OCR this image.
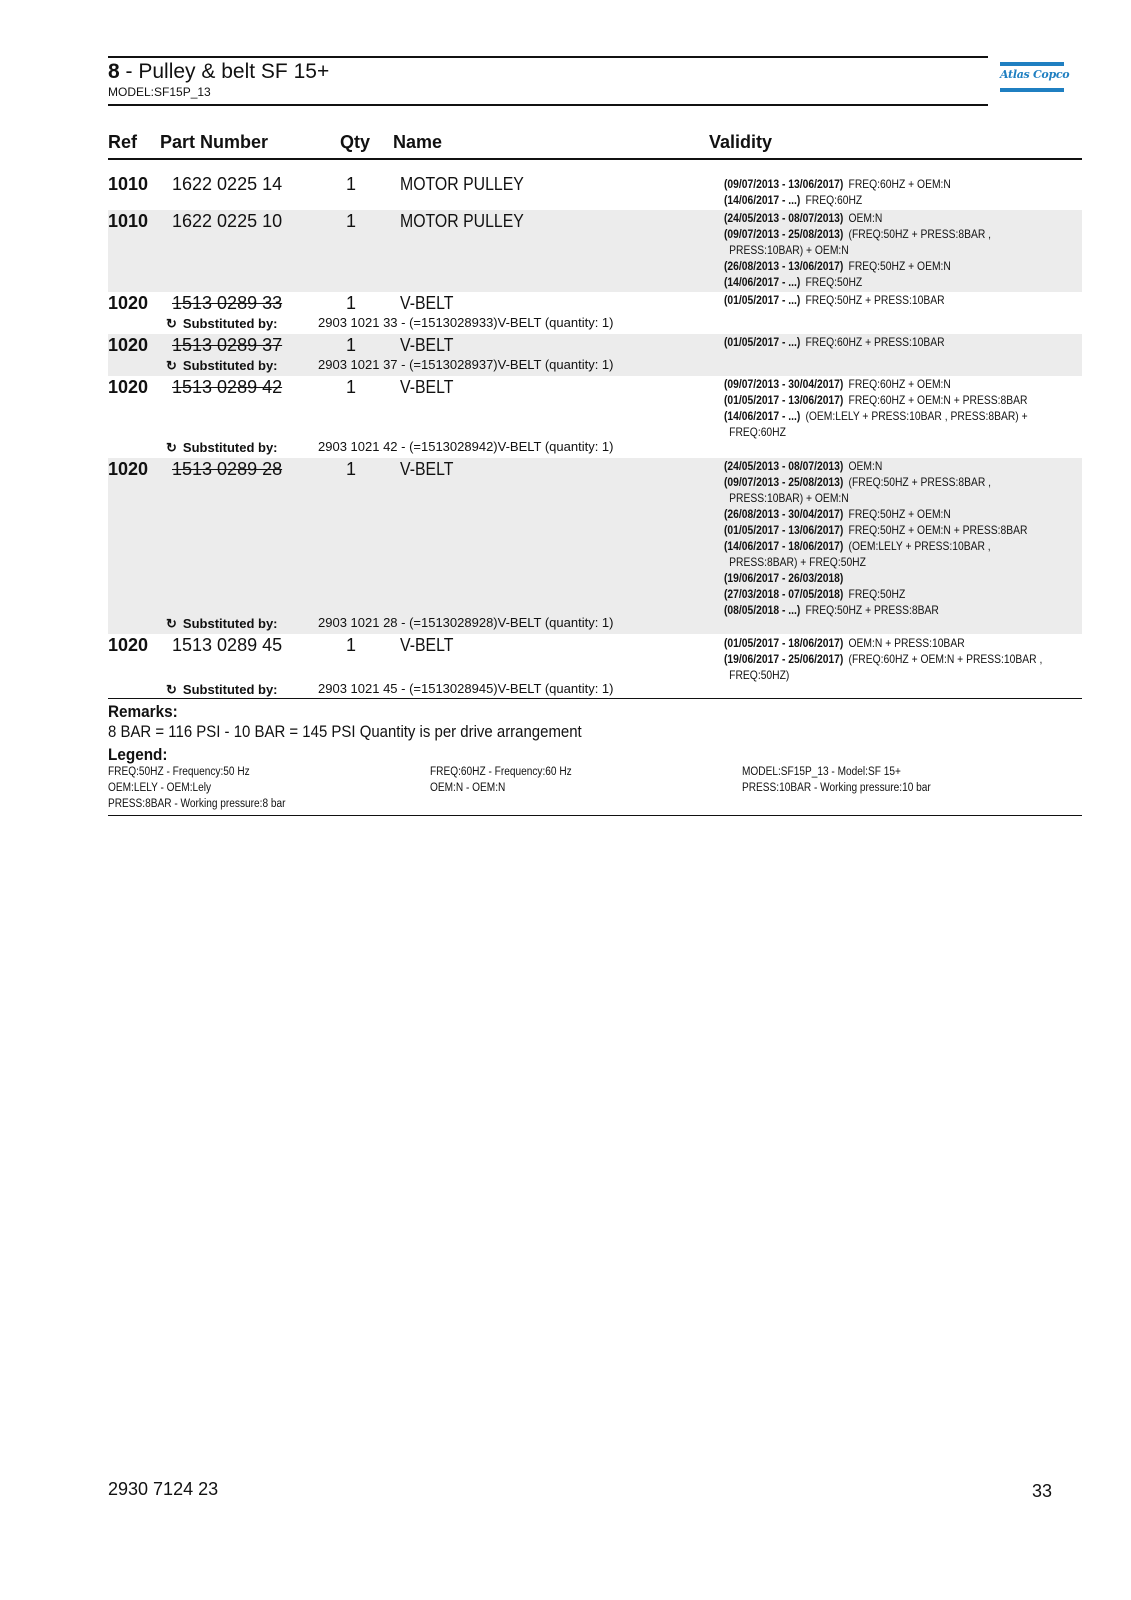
8 - Pulley & belt SF 15+
MODEL:SF15P_13
Atlas Copco
Ref Part Number	Qty Name	Validity
1010 1622 0225 14	1 MOTOR PULLEY	(09/07/2013 - 13/06/2017) FREQ:60HZ + OEM:N
(14/06/2017 - ...) FREQ:60HZ
1010 1622 0225 10	1 MOTOR PULLEY	(24/05/2013 - 08/07/2013) OEM:N
(09/07/2013 - 25/08/2013) (FREQ:50HZ + PRESS:8BAR ,
PRESS:10BAR) + OEM:N
(26/08/2013 - 13/06/2017) FREQ:50HZ + OEM:N
(14/06/2017 - ...) FREQ:50HZ
1020 1513 0289 33	1 V-BELT	(01/05/2017 - ...) FREQ:50HZ + PRESS:10BAR
↻ Substituted by:	2903 1021 33 - (=1513028933)V-BELT (quantity: 1)
1020 1513 0289 37	1 V-BELT	(01/05/2017 - ...) FREQ:60HZ + PRESS:10BAR
↻ Substituted by:	2903 1021 37 - (=1513028937)V-BELT (quantity: 1)
1020 1513 0289 42	1 V-BELT	(09/07/2013 - 30/04/2017) FREQ:60HZ + OEM:N
(01/05/2017 - 13/06/2017) FREQ:60HZ + OEM:N + PRESS:8BAR
(14/06/2017 - ...) (OEM:LELY + PRESS:10BAR , PRESS:8BAR) +
FREQ:60HZ
↻ Substituted by:	2903 1021 42 - (=1513028942)V-BELT (quantity: 1)
1020 1513 0289 28	1 V-BELT	(24/05/2013 - 08/07/2013) OEM:N
(09/07/2013 - 25/08/2013) (FREQ:50HZ + PRESS:8BAR ,
PRESS:10BAR) + OEM:N
(26/08/2013 - 30/04/2017) FREQ:50HZ + OEM:N
(01/05/2017 - 13/06/2017) FREQ:50HZ + OEM:N + PRESS:8BAR
(14/06/2017 - 18/06/2017) (OEM:LELY + PRESS:10BAR ,
PRESS:8BAR) + FREQ:50HZ
(19/06/2017 - 26/03/2018)
(27/03/2018 - 07/05/2018) FREQ:50HZ
(08/05/2018 - ...) FREQ:50HZ + PRESS:8BAR
↻ Substituted by:	2903 1021 28 - (=1513028928)V-BELT (quantity: 1)
1020 1513 0289 45	1 V-BELT	(01/05/2017 - 18/06/2017) OEM:N + PRESS:10BAR
(19/06/2017 - 25/06/2017) (FREQ:60HZ + OEM:N + PRESS:10BAR ,
FREQ:50HZ)
↻ Substituted by:	2903 1021 45 - (=1513028945)V-BELT (quantity: 1)
Remarks:
8 BAR = 116 PSI - 10 BAR = 145 PSI Quantity is per drive arrangement
Legend:
FREQ:50HZ - Frequency:50 Hz	FREQ:60HZ - Frequency:60 Hz	MODEL:SF15P_13 - Model:SF 15+
OEM:LELY - OEM:Lely	OEM:N - OEM:N	PRESS:10BAR - Working pressure:10 bar
PRESS:8BAR - Working pressure:8 bar
2930 7124 23	33
